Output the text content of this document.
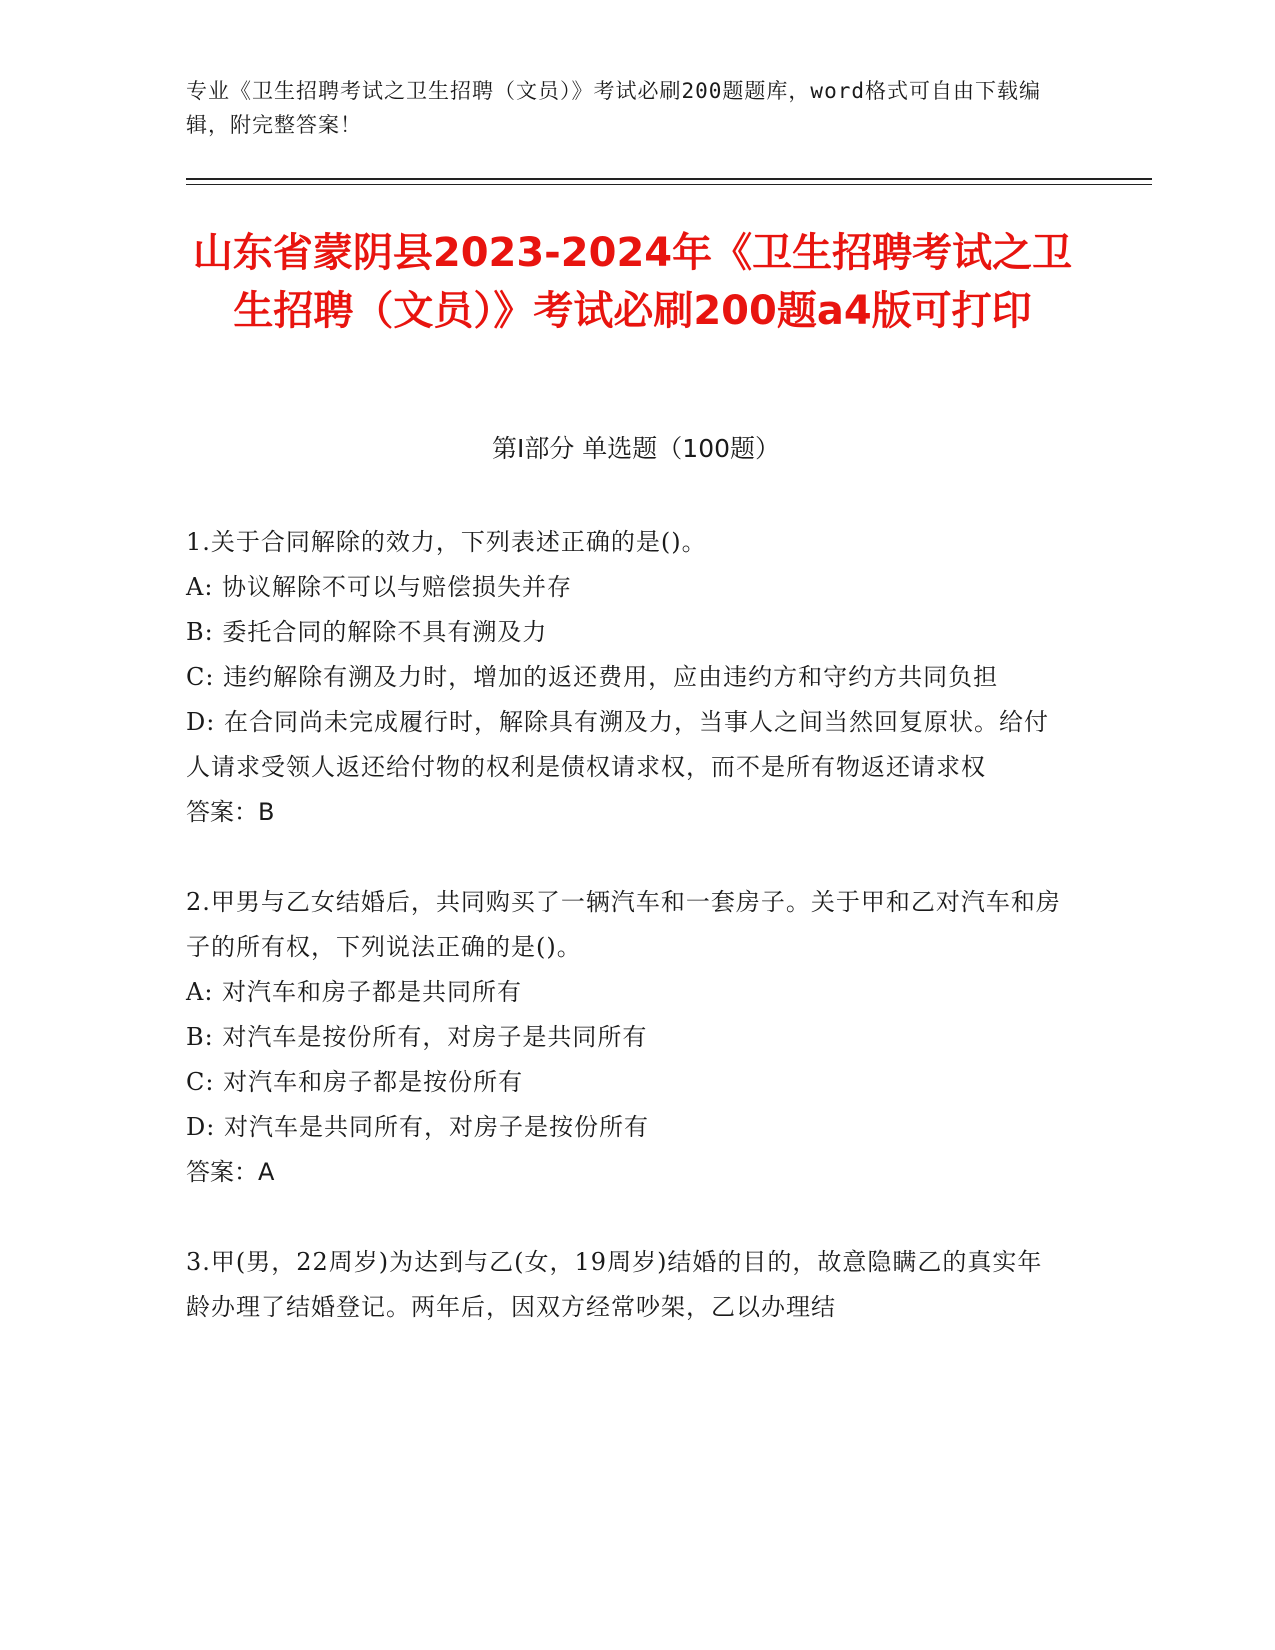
专业《卫生招聘考试之卫生招聘（文员）》考试必刷200题题库，word格式可自由下载编辑，附完整答案！
山东省蒙阴县2023-2024年《卫生招聘考试之卫生招聘（文员）》考试必刷200题a4版可打印
第I部分 单选题（100题）

1.关于合同解除的效力，下列表述正确的是()。

A: 协议解除不可以与赔偿损失并存

B: 委托合同的解除不具有溯及力

C: 违约解除有溯及力时，增加的返还费用，应由违约方和守约方共同负担

D: 在合同尚未完成履行时，解除具有溯及力，当事人之间当然回复原状。给付人请求受领人返还给付物的权利是债权请求权，而不是所有物返还请求权

答案：B

2.甲男与乙女结婚后，共同购买了一辆汽车和一套房子。关于甲和乙对汽车和房子的所有权，下列说法正确的是()。

A: 对汽车和房子都是共同所有

B: 对汽车是按份所有，对房子是共同所有

C: 对汽车和房子都是按份所有

D: 对汽车是共同所有，对房子是按份所有

答案：A

3.甲(男，22周岁)为达到与乙(女，19周岁)结婚的目的，故意隐瞒乙的真实年龄办理了结婚登记。两年后，因双方经常吵架，乙以办理结
